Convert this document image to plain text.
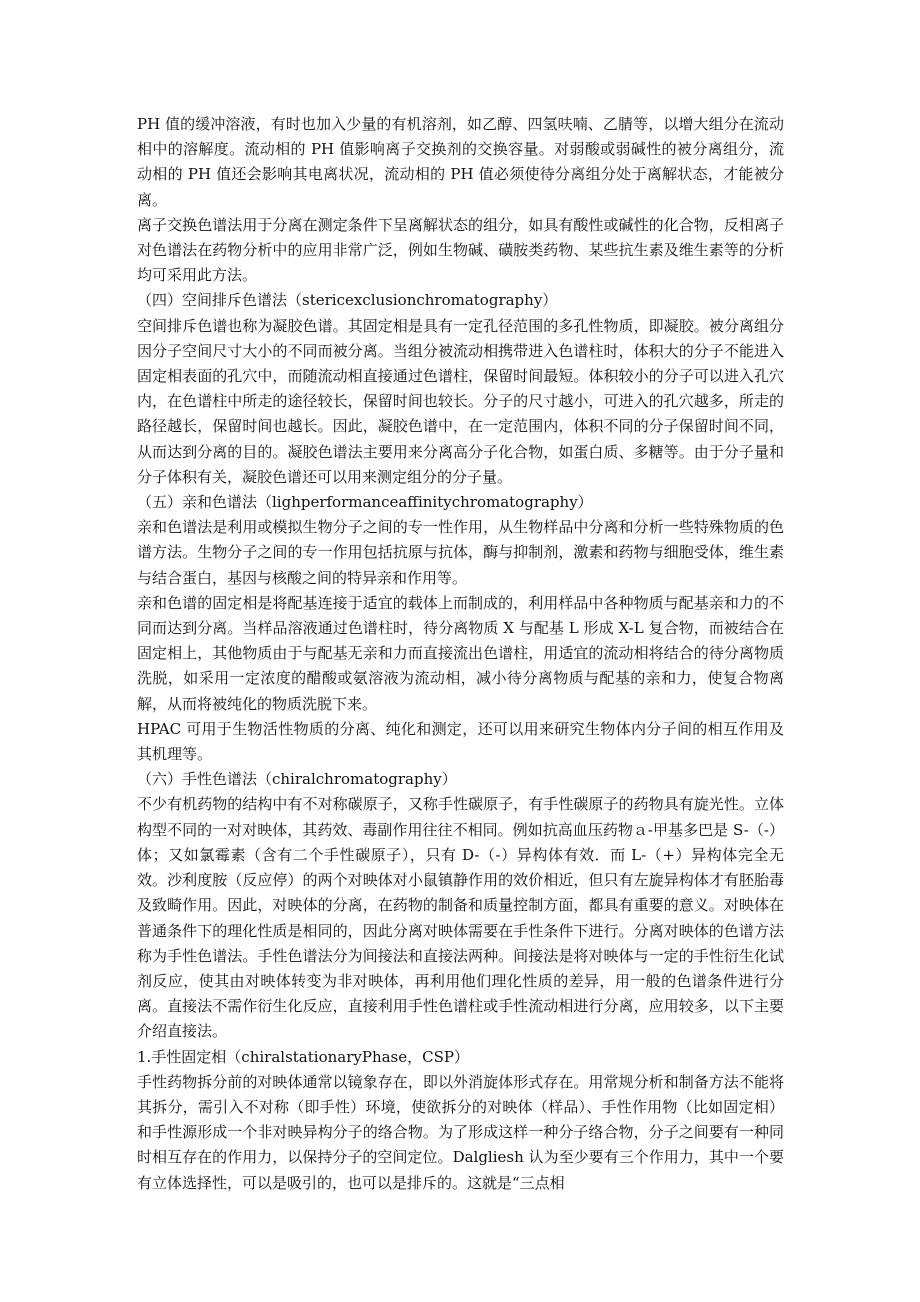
PH 值的缓冲溶液，有时也加入少量的有机溶剂，如乙醇、四氢呋喃、乙腈等，以增大组分在流动相中的溶解度。流动相的 PH 值影响离子交换剂的交换容量。对弱酸或弱碱性的被分离组分，流动相的 PH 值还会影响其电离状况，流动相的 PH 值必须使待分离组分处于离解状态，才能被分离。

离子交换色谱法用于分离在测定条件下呈离解状态的组分，如具有酸性或碱性的化合物，反相离子对色谱法在药物分析中的应用非常广泛，例如生物碱、磺胺类药物、某些抗生素及维生素等的分析均可采用此方法。

（四）空间排斥色谱法（stericexclusionchromatography）

空间排斥色谱也称为凝胶色谱。其固定相是具有一定孔径范围的多孔性物质，即凝胶。被分离组分因分子空间尺寸大小的不同而被分离。当组分被流动相携带进入色谱柱时，体积大的分子不能进入固定相表面的孔穴中，而随流动相直接通过色谱柱，保留时间最短。体积较小的分子可以进入孔穴内，在色谱柱中所走的途径较长，保留时间也较长。分子的尺寸越小，可进入的孔穴越多，所走的路径越长，保留时间也越长。因此，凝胶色谱中，在一定范围内，体积不同的分子保留时间不同，从而达到分离的目的。凝胶色谱法主要用来分离高分子化合物，如蛋白质、多糖等。由于分子量和分子体积有关，凝胶色谱还可以用来测定组分的分子量。

（五）亲和色谱法（lighperformanceaffinitychromatography）

亲和色谱法是利用或模拟生物分子之间的专一性作用，从生物样品中分离和分析一些特殊物质的色谱方法。生物分子之间的专一作用包括抗原与抗体，酶与抑制剂，激素和药物与细胞受体，维生素与结合蛋白，基因与核酸之间的特异亲和作用等。

亲和色谱的固定相是将配基连接于适宜的载体上而制成的，利用样品中各种物质与配基亲和力的不同而达到分离。当样品溶液通过色谱柱时，待分离物质 X 与配基 L 形成 X-L 复合物，而被结合在固定相上，其他物质由于与配基无亲和力而直接流出色谱柱，用适宜的流动相将结合的待分离物质洗脱，如采用一定浓度的醋酸或氨溶液为流动相，减小待分离物质与配基的亲和力，使复合物离解，从而将被纯化的物质洗脱下来。

HPAC 可用于生物活性物质的分离、纯化和测定，还可以用来研究生物体内分子间的相互作用及其机理等。

（六）手性色谱法（chiralchromatography）

不少有机药物的结构中有不对称碳原子，又称手性碳原子，有手性碳原子的药物具有旋光性。立体构型不同的一对对映体，其药效、毒副作用往往不相同。例如抗高血压药物ａ-甲基多巴是 S-（-）体；又如氯霉素（含有二个手性碳原子），只有 D-（-）异构体有效．而 L-（+）异构体完全无效。沙利度胺（反应停）的两个对映体对小鼠镇静作用的效价相近，但只有左旋异构体才有胚胎毒及致畸作用。因此，对映体的分离，在药物的制备和质量控制方面，都具有重要的意义。对映体在普通条件下的理化性质是相同的，因此分离对映体需要在手性条件下进行。分离对映体的色谱方法称为手性色谱法。手性色谱法分为间接法和直接法两种。间接法是将对映体与一定的手性衍生化试剂反应，使其由对映体转变为非对映体，再利用他们理化性质的差异，用一般的色谱条件进行分离。直接法不需作衍生化反应，直接利用手性色谱柱或手性流动相进行分离，应用较多，以下主要介绍直接法。

1.手性固定相（chiralstationaryPhase，CSP）

手性药物拆分前的对映体通常以镜象存在，即以外消旋体形式存在。用常规分析和制备方法不能将其拆分，需引入不对称（即手性）环境，使欲拆分的对映体（样品）、手性作用物（比如固定相）和手性源形成一个非对映异构分子的络合物。为了形成这样一种分子络合物，分子之间要有一种同时相互存在的作用力，以保持分子的空间定位。Dalgliesh 认为至少要有三个作用力，其中一个要有立体选择性，可以是吸引的，也可以是排斥的。这就是“三点相
